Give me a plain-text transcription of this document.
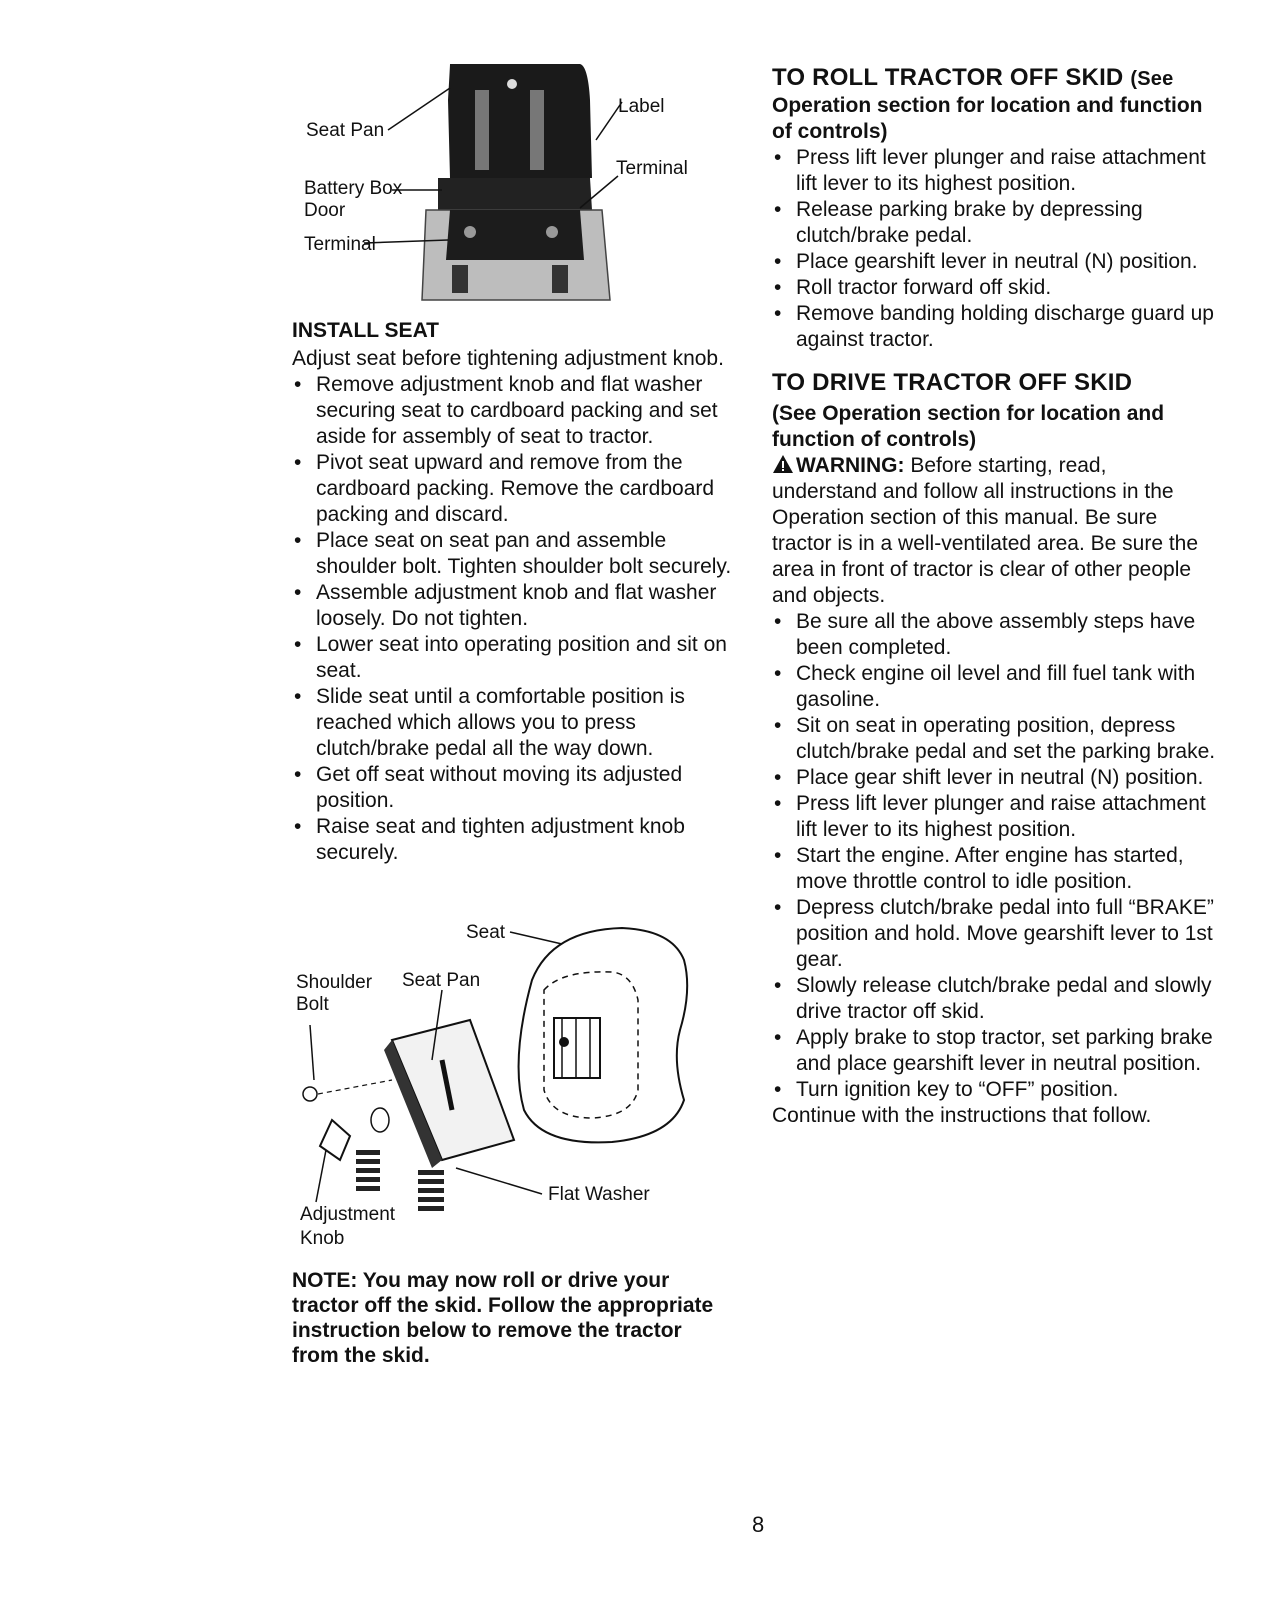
Seat Pan
Label
Terminal
Battery Box
Door
Terminal
INSTALL SEAT

Adjust seat before tightening adjustment knob.

• Remove adjustment knob and flat washer securing seat to cardboard packing and set aside for assembly of seat to tractor.
• Pivot seat upward and remove from the cardboard packing. Remove the cardboard packing and discard.
• Place seat on seat pan and assemble shoulder bolt. Tighten shoulder bolt securely.
• Assemble adjustment knob and flat washer loosely. Do not tighten.
• Lower seat into operating position and sit on seat.
• Slide seat until a comfortable position is reached which allows you to press clutch/brake pedal all the way down.
• Get off seat without moving its adjusted position.
• Raise seat and tighten adjustment knob securely.
Seat
Shoulder
Bolt
Seat Pan
Flat Washer
Adjustment
Knob

NOTE: You may now roll or drive your tractor off the skid. Follow the appropriate instruction below to remove the tractor from the skid.

TO ROLL TRACTOR OFF SKID (See
Operation section for location and function of controls)
• Press lift lever plunger and raise attachment lift lever to its highest position.
• Release parking brake by depressing clutch/brake pedal.
• Place gearshift lever in neutral (N) position.
• Roll tractor forward off skid.
• Remove banding holding discharge guard up against tractor.
TO DRIVE TRACTOR OFF SKID
(See Operation section for location and function of controls)

WARNING: Before starting, read, understand and follow all instructions in the Operation section of this manual. Be sure tractor is in a well-ventilated area. Be sure the area in front of tractor is clear of other people and objects.

• Be sure all the above assembly steps have been completed.
• Check engine oil level and fill fuel tank with gasoline.
• Sit on seat in operating position, depress clutch/brake pedal and set the parking brake.
• Place gear shift lever in neutral (N) position.
• Press lift lever plunger and raise attachment lift lever to its highest position.
• Start the engine. After engine has started, move throttle control to idle position.
• Depress clutch/brake pedal into full “BRAKE” position and hold. Move gearshift lever to 1st gear.
• Slowly release clutch/brake pedal and slowly drive tractor off skid.
• Apply brake to stop tractor, set parking brake and place gearshift lever in neutral position.
• Turn ignition key to “OFF” position.

Continue with the instructions that follow.

8
